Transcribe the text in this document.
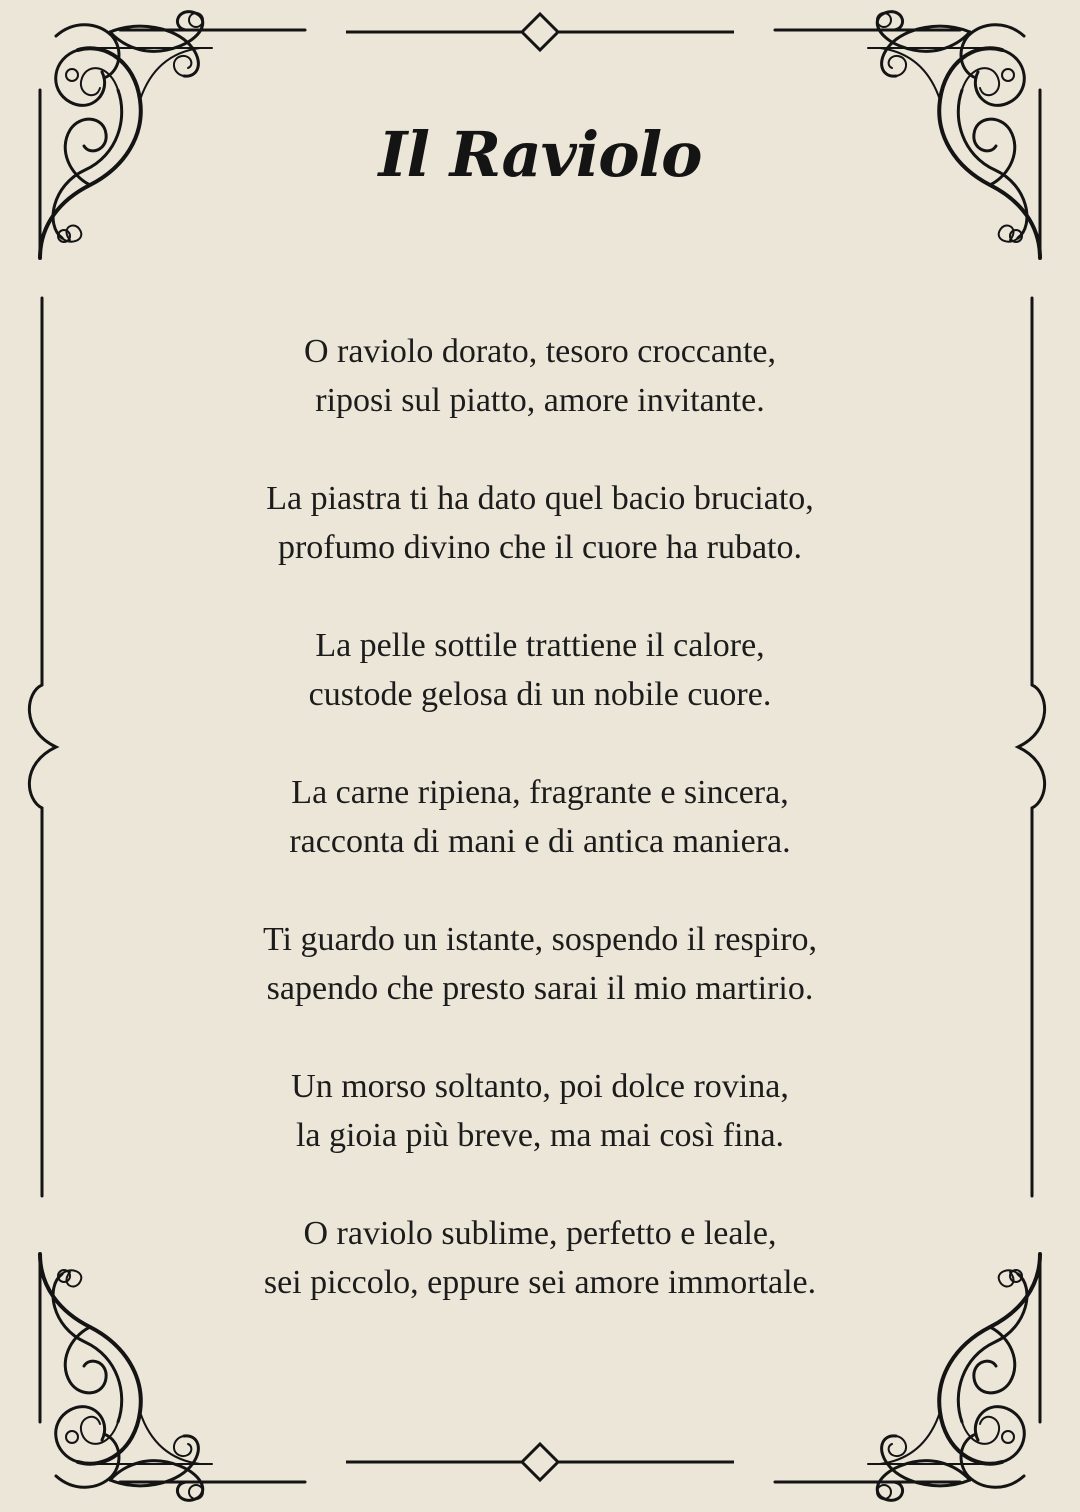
Il Raviolo

O raviolo dorato, tesoro croccante,
riposi sul piatto, amore invitante.

La piastra ti ha dato quel bacio bruciato,
profumo divino che il cuore ha rubato.

La pelle sottile trattiene il calore,
custode gelosa di un nobile cuore.

La carne ripiena, fragrante e sincera,
racconta di mani e di antica maniera.

Ti guardo un istante, sospendo il respiro,
sapendo che presto sarai il mio martirio.

Un morso soltanto, poi dolce rovina,
la gioia più breve, ma mai così fina.

O raviolo sublime, perfetto e leale,
sei piccolo, eppure sei amore immortale.
